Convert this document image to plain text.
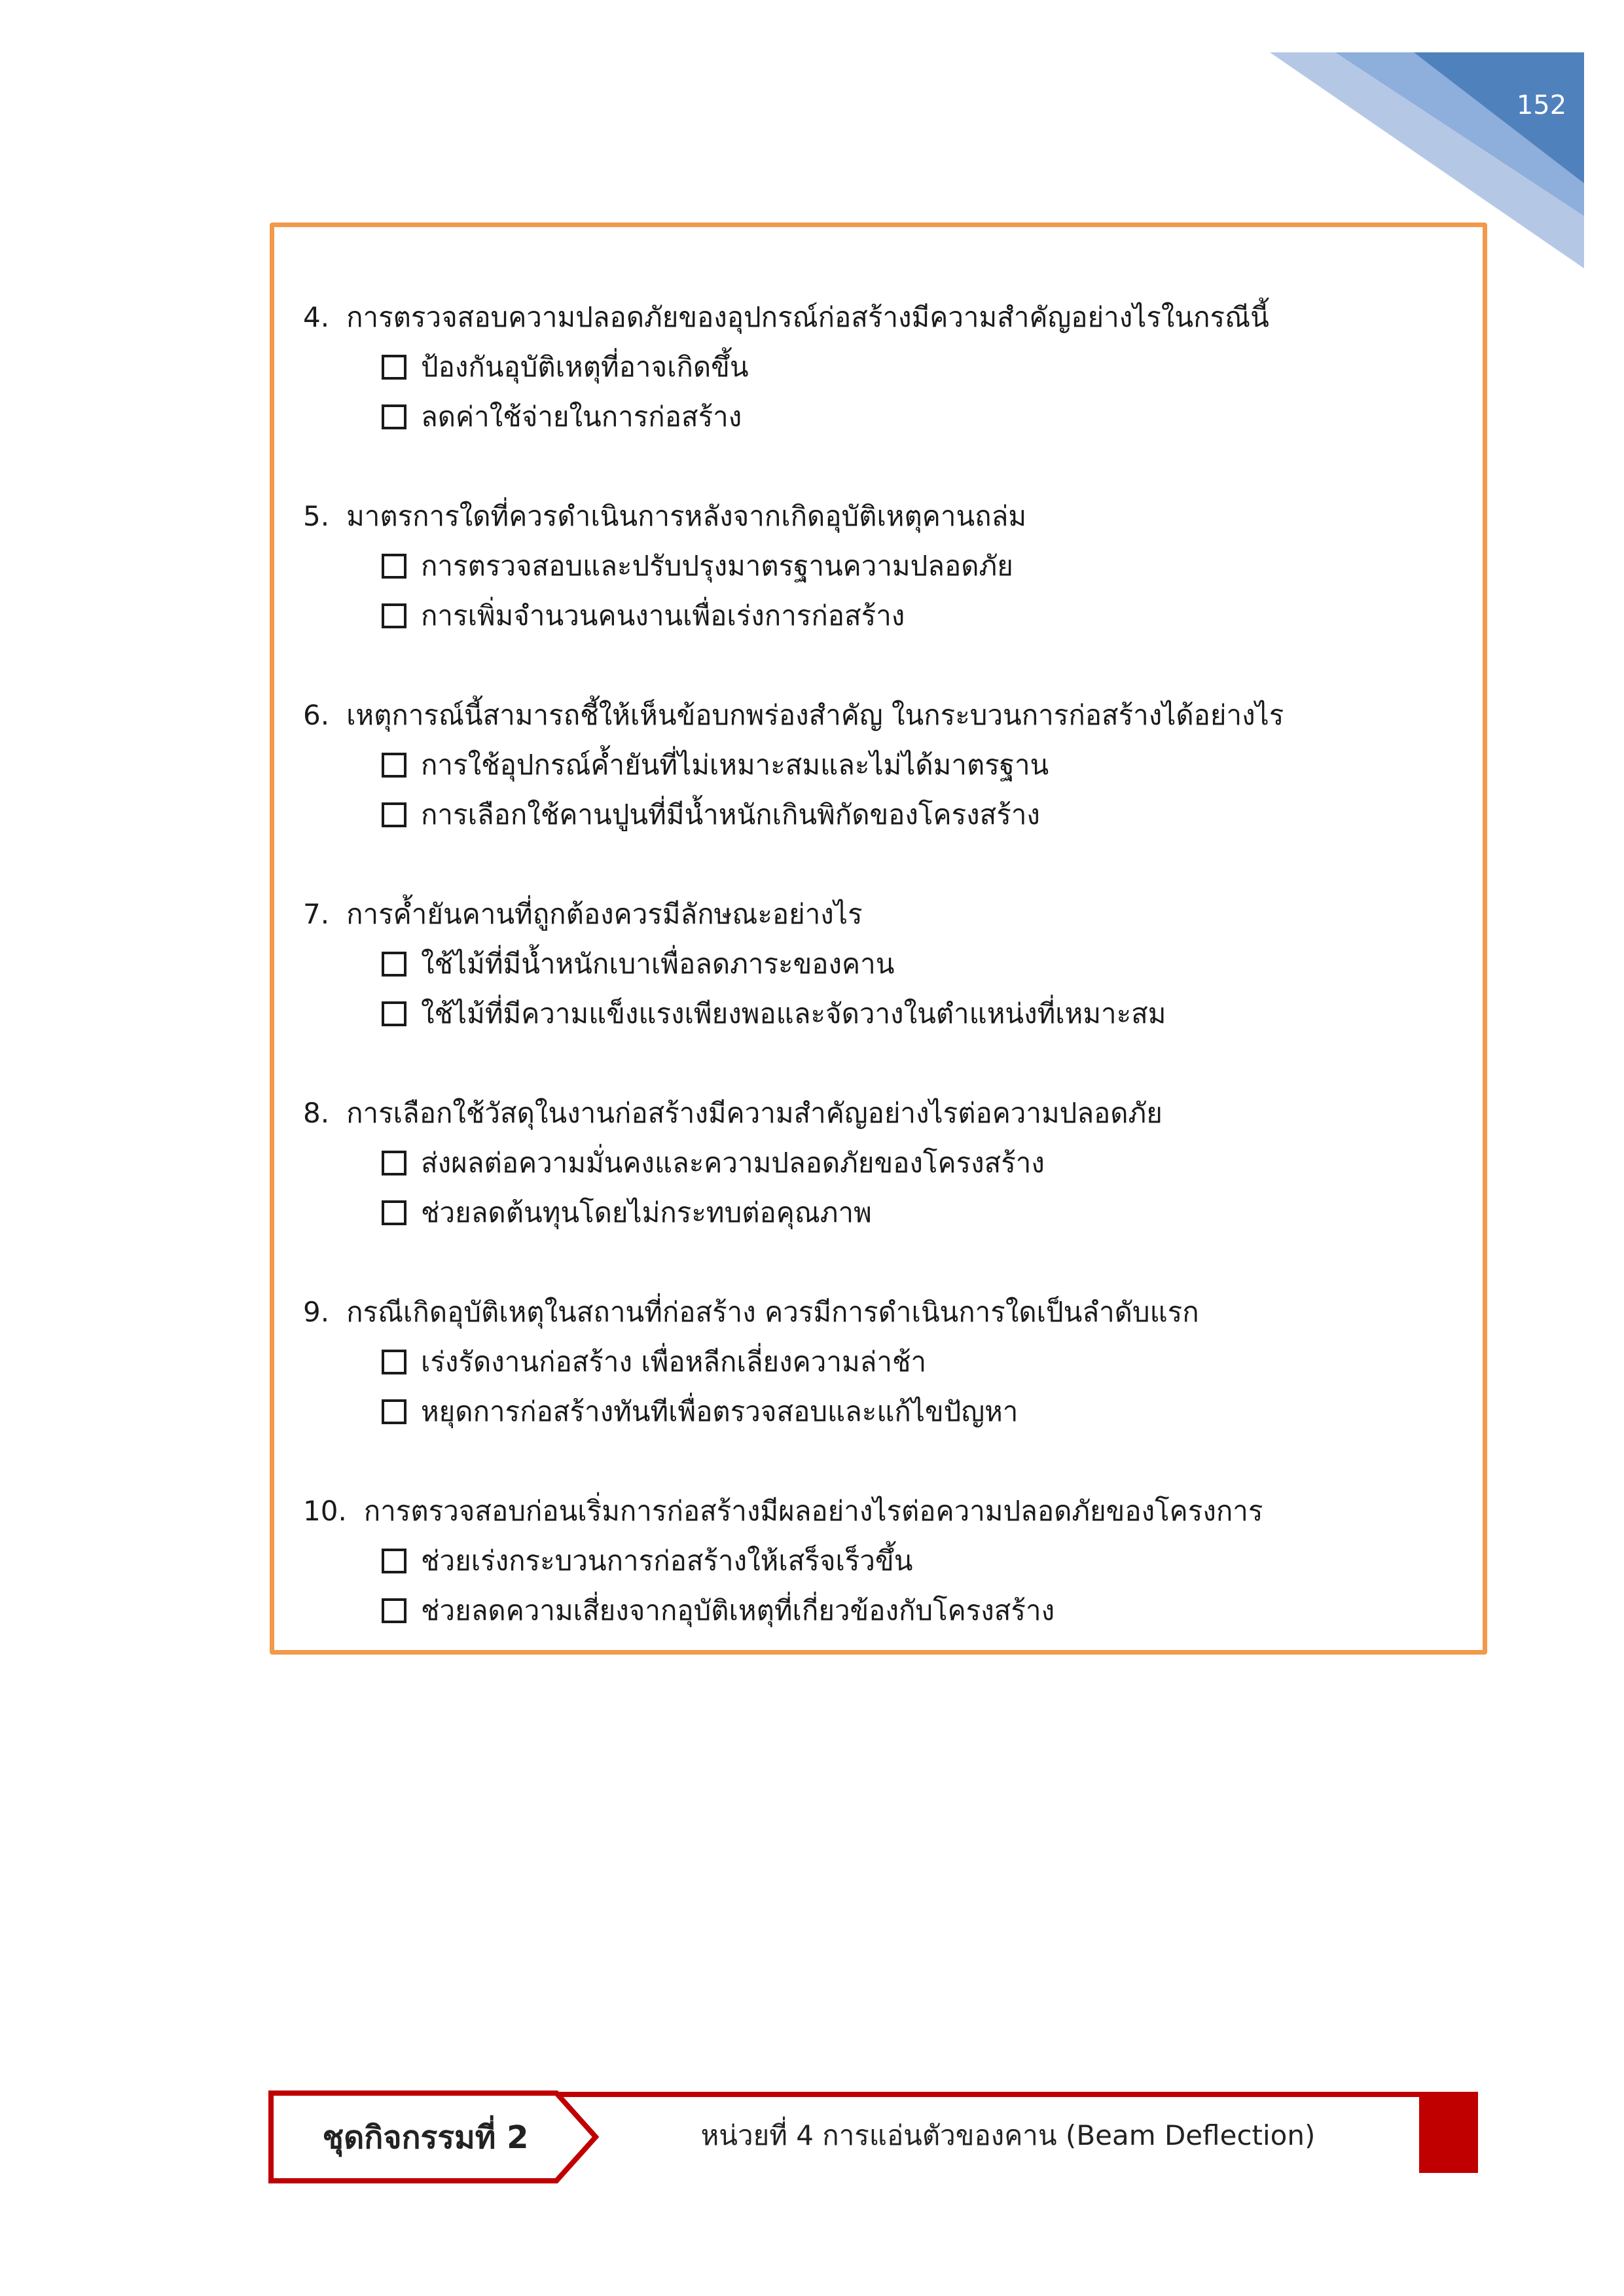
152
4. การตรวจสอบความปลอดภัยของอุปกรณ์ก่อสร้างมีความสำคัญอย่างไรในกรณีนี้
ป้องกันอุบัติเหตุที่อาจเกิดขึ้น
ลดค่าใช้จ่ายในการก่อสร้าง
5. มาตรการใดที่ควรดำเนินการหลังจากเกิดอุบัติเหตุคานถล่ม
การตรวจสอบและปรับปรุงมาตรฐานความปลอดภัย
การเพิ่มจำนวนคนงานเพื่อเร่งการก่อสร้าง
6. เหตุการณ์นี้สามารถชี้ให้เห็นข้อบกพร่องสำคัญ ในกระบวนการก่อสร้างได้อย่างไร
การใช้อุปกรณ์ค้ำยันที่ไม่เหมาะสมและไม่ได้มาตรฐาน
การเลือกใช้คานปูนที่มีน้ำหนักเกินพิกัดของโครงสร้าง
7. การค้ำยันคานที่ถูกต้องควรมีลักษณะอย่างไร
ใช้ไม้ที่มีน้ำหนักเบาเพื่อลดภาระของคาน
ใช้ไม้ที่มีความแข็งแรงเพียงพอและจัดวางในตำแหน่งที่เหมาะสม
8. การเลือกใช้วัสดุในงานก่อสร้างมีความสำคัญอย่างไรต่อความปลอดภัย
ส่งผลต่อความมั่นคงและความปลอดภัยของโครงสร้าง
ช่วยลดต้นทุนโดยไม่กระทบต่อคุณภาพ
9. กรณีเกิดอุบัติเหตุในสถานที่ก่อสร้าง ควรมีการดำเนินการใดเป็นลำดับแรก
เร่งรัดงานก่อสร้าง เพื่อหลีกเลี่ยงความล่าช้า
หยุดการก่อสร้างทันทีเพื่อตรวจสอบและแก้ไขปัญหา
10. การตรวจสอบก่อนเริ่มการก่อสร้างมีผลอย่างไรต่อความปลอดภัยของโครงการ
ช่วยเร่งกระบวนการก่อสร้างให้เสร็จเร็วขึ้น
ช่วยลดความเสี่ยงจากอุบัติเหตุที่เกี่ยวข้องกับโครงสร้าง
ชุดกิจกรรมที่ 2	หน่วยที่ 4 การแอ่นตัวของคาน (Beam Deflection)
